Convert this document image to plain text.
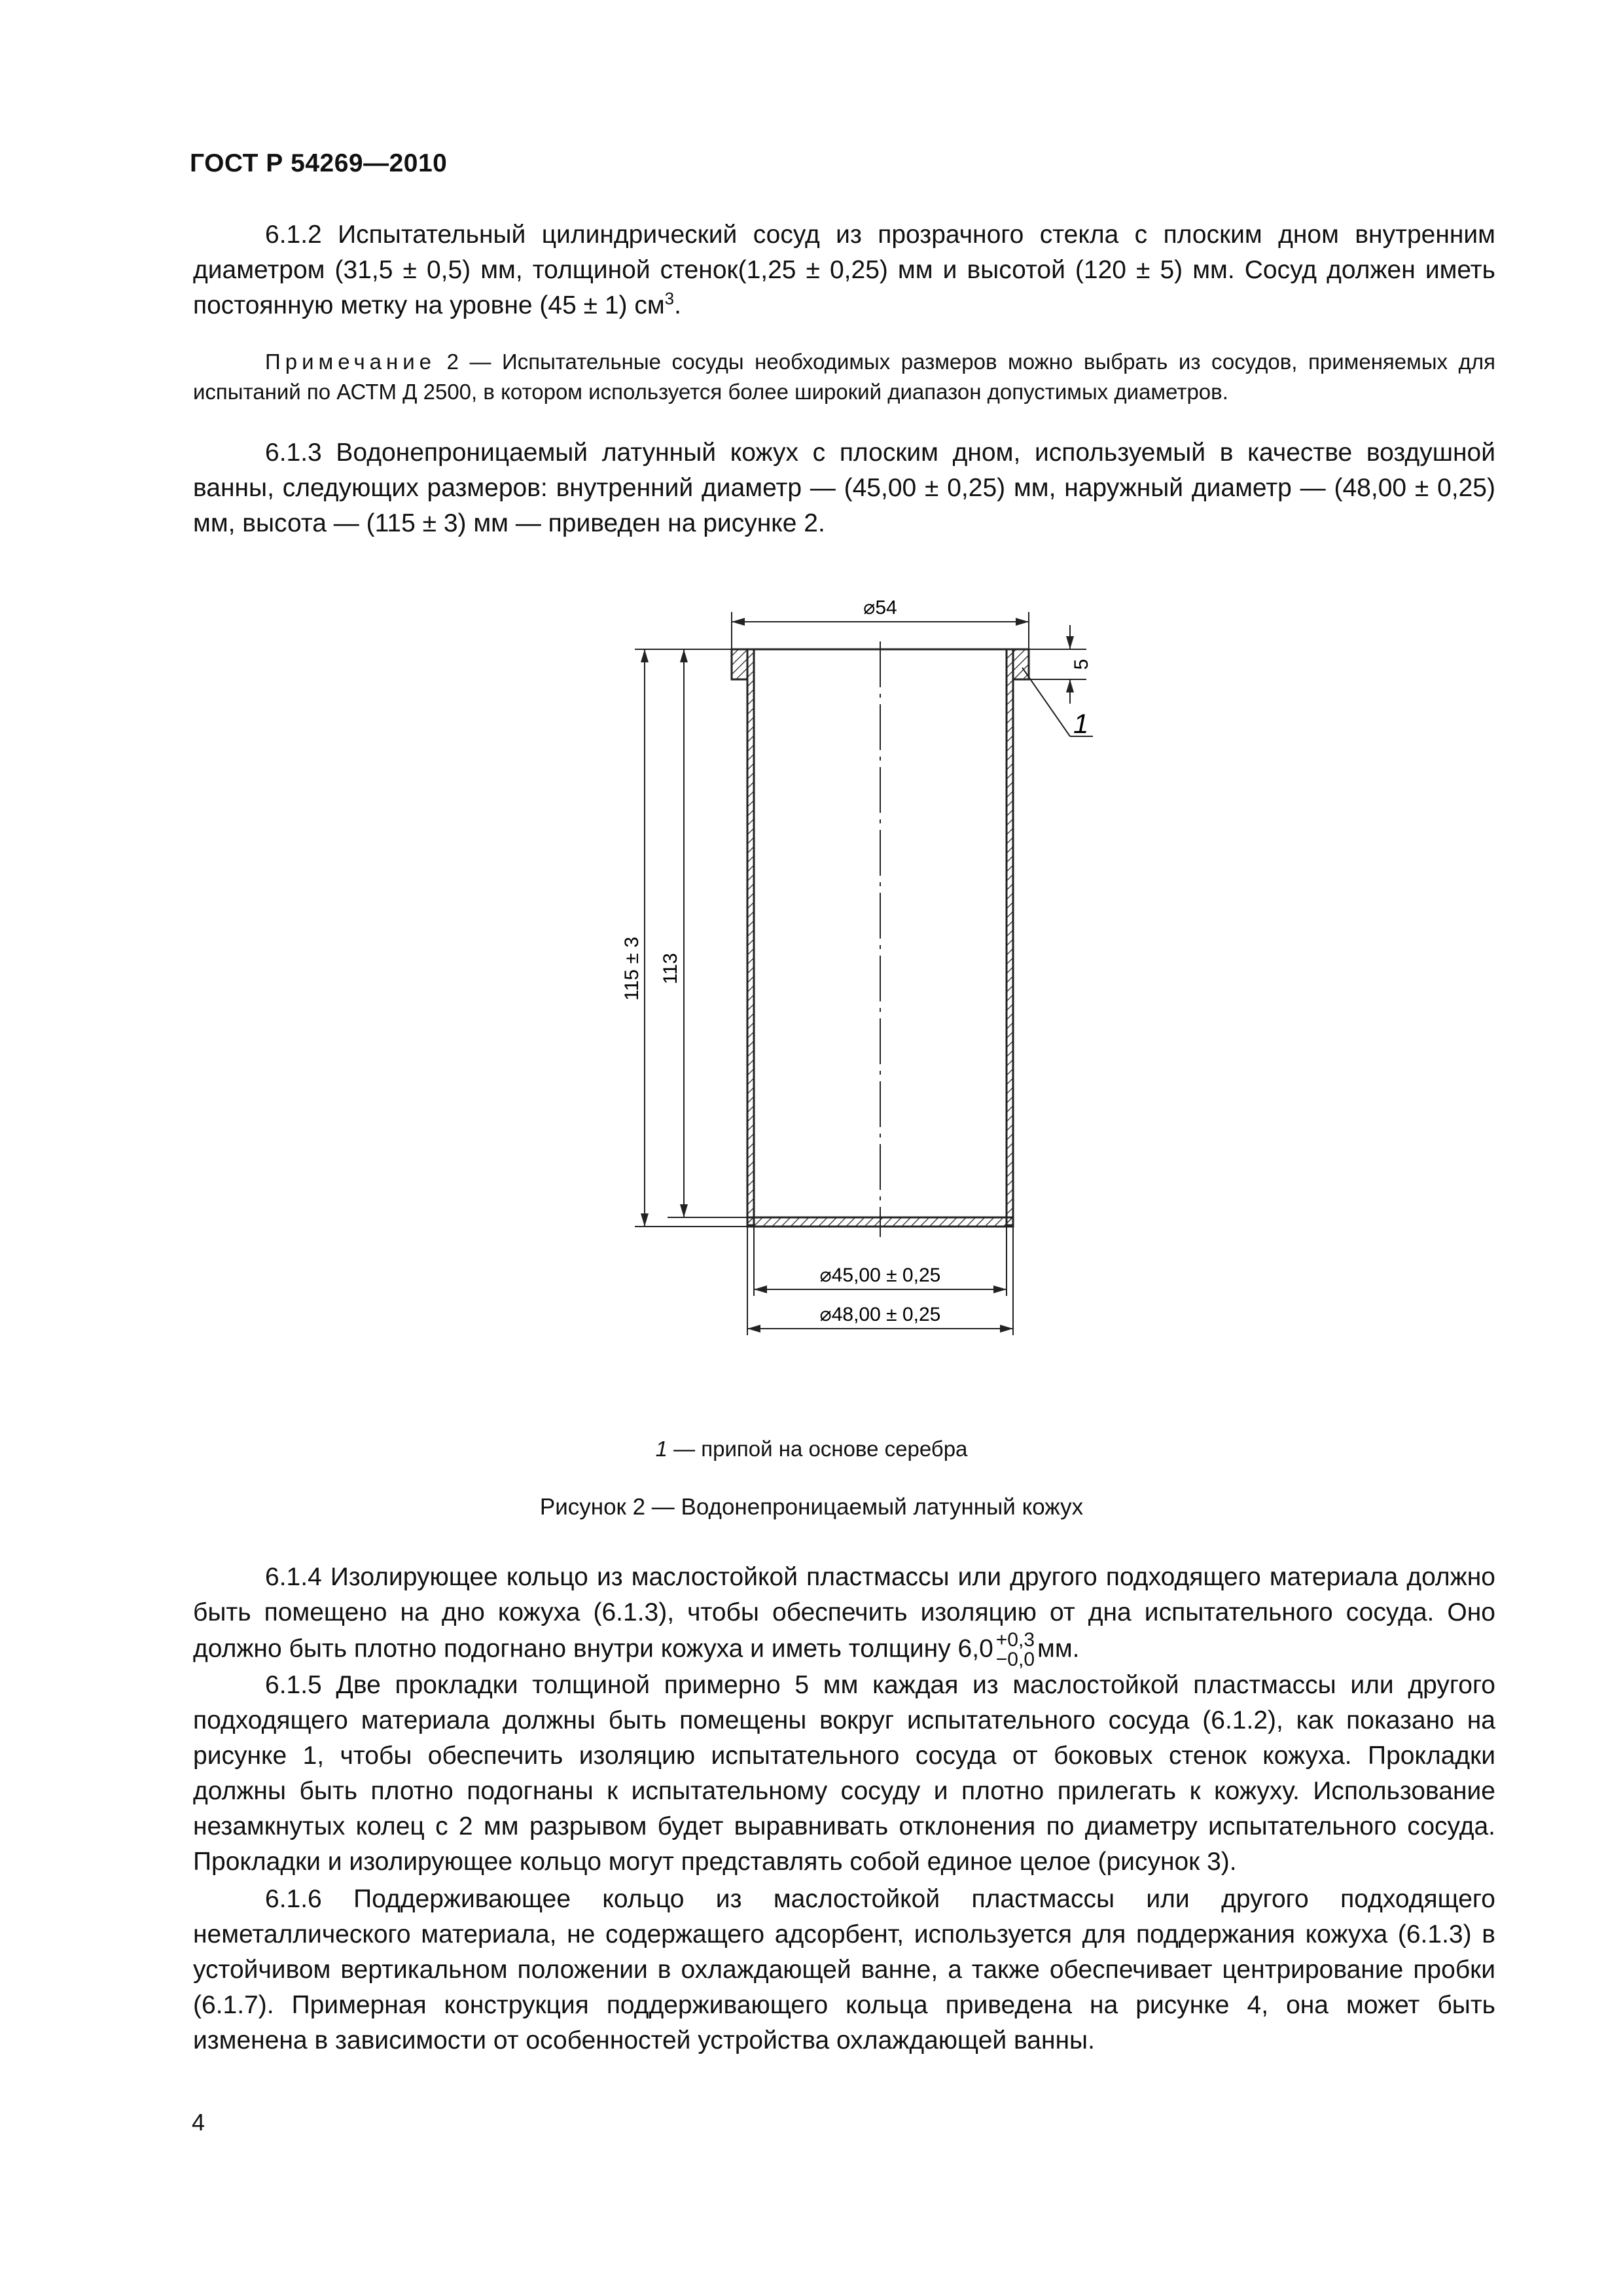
ГОСТ Р 54269—2010

6.1.2 Испытательный цилиндрический сосуд из прозрачного стекла с плоским дном внутренним диаметром (31,5 ± 0,5) мм, толщиной стенок(1,25 ± 0,25) мм и высотой (120 ± 5) мм. Сосуд должен иметь постоянную метку на уровне (45 ± 1) $см^3$.

Примечание 2 — Испытательные сосуды необходимых размеров можно выбрать из сосудов, применяемых для испытаний по АСТМ Д 2500, в котором используется более широкий диапазон допустимых диаметров.

6.1.3 Водонепроницаемый латунный кожух с плоским дном, используемый в качестве воздушной ванны, следующих размеров: внутренний диаметр — (45,00 ± 0,25) мм, наружный диаметр — (48,00 ± 0,25) мм, высота — (115 ± 3) мм — приведен на рисунке 2.

⌀54
5
115 ± 3 113
⌀45,00 ± 0,25
⌀48,00 ± 0,25
1
1 — припой на основе серебра
Рисунок 2 — Водонепроницаемый латунный кожух

6.1.4 Изолирующее кольцо из маслостойкой пластмассы или другого подходящего материала должно быть помещено на дно кожуха (6.1.3), чтобы обеспечить изоляцию от дна испытательного сосуда. Оно должно быть плотно подогнано внутри кожуха и иметь толщину 6,0 +0,3
−0,0 мм.

6.1.5 Две прокладки толщиной примерно 5 мм каждая из маслостойкой пластмассы или другого подходящего материала должны быть помещены вокруг испытательного сосуда (6.1.2), как показано на рисунке 1, чтобы обеспечить изоляцию испытательного сосуда от боковых стенок кожуха. Прокладки должны быть плотно подогнаны к испытательному сосуду и плотно прилегать к кожуху. Использование незамкнутых колец с 2 мм разрывом будет выравнивать отклонения по диаметру испытательного сосуда. Прокладки и изолирующее кольцо могут представлять собой единое целое (рисунок 3).

6.1.6 Поддерживающее кольцо из маслостойкой пластмассы или другого подходящего неметаллического материала, не содержащего адсорбент, используется для поддержания кожуха (6.1.3) в устойчивом вертикальном положении в охлаждающей ванне, а также обеспечивает центрирование пробки (6.1.7). Примерная конструкция поддерживающего кольца приведена на рисунке 4, она может быть изменена в зависимости от особенностей устройства охлаждающей ванны.

4
